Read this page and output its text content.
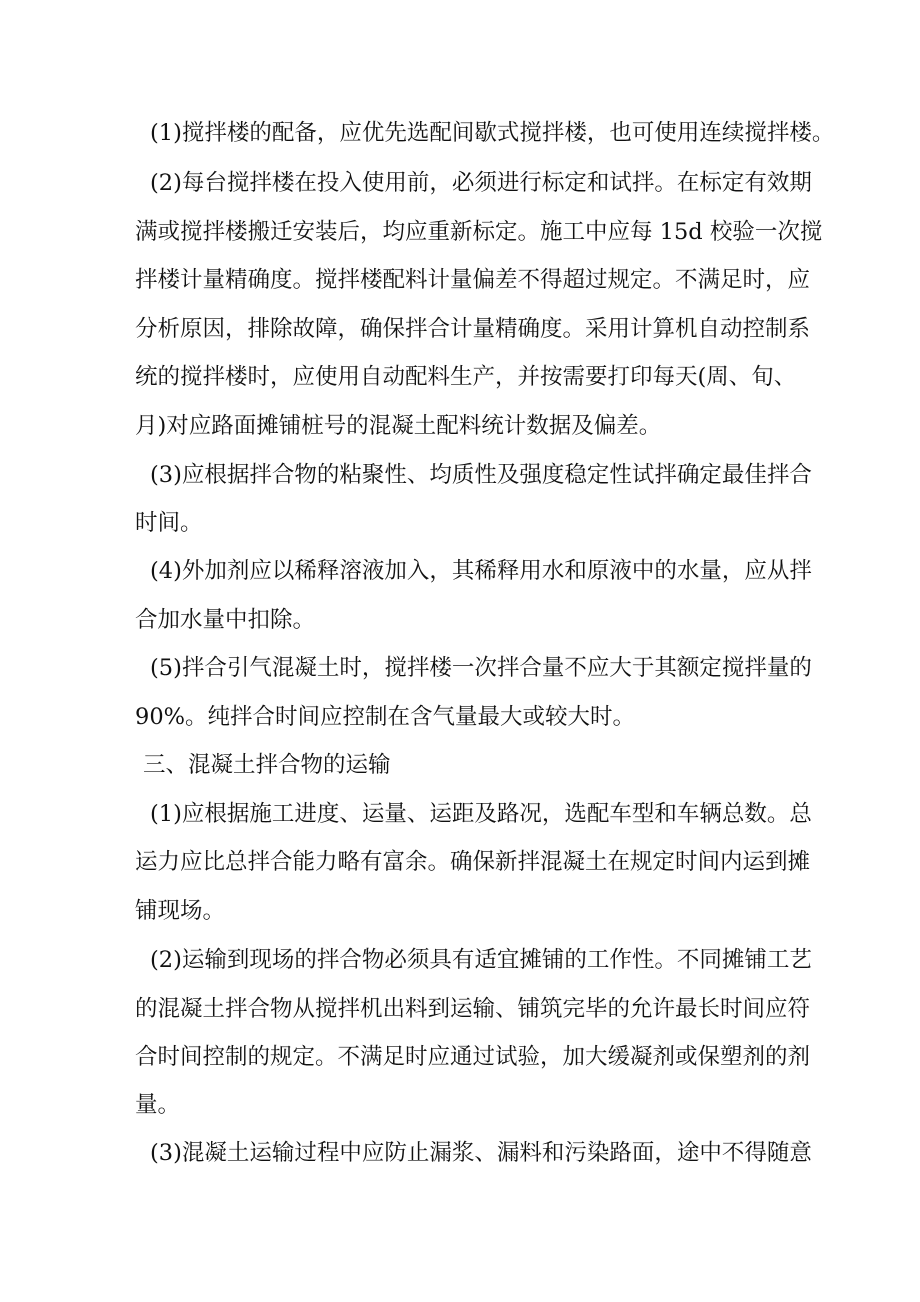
(1)搅拌楼的配备，应优先选配间歇式搅拌楼，也可使用连续搅拌楼。
(2)每台搅拌楼在投入使用前，必须进行标定和试拌。在标定有效期
满或搅拌楼搬迁安装后，均应重新标定。施工中应每 15d 校验一次搅
拌楼计量精确度。搅拌楼配料计量偏差不得超过规定。不满足时，应
分析原因，排除故障，确保拌合计量精确度。采用计算机自动控制系
统的搅拌楼时，应使用自动配料生产，并按需要打印每天(周、旬、
月)对应路面摊铺桩号的混凝土配料统计数据及偏差。
(3)应根据拌合物的粘聚性、均质性及强度稳定性试拌确定最佳拌合
时间。
(4)外加剂应以稀释溶液加入，其稀释用水和原液中的水量，应从拌
合加水量中扣除。
(5)拌合引气混凝土时，搅拌楼一次拌合量不应大于其额定搅拌量的
90%。纯拌合时间应控制在含气量最大或较大时。
三、混凝土拌合物的运输
(1)应根据施工进度、运量、运距及路况，选配车型和车辆总数。总
运力应比总拌合能力略有富余。确保新拌混凝土在规定时间内运到摊
铺现场。
(2)运输到现场的拌合物必须具有适宜摊铺的工作性。不同摊铺工艺
的混凝土拌合物从搅拌机出料到运输、铺筑完毕的允许最长时间应符
合时间控制的规定。不满足时应通过试验，加大缓凝剂或保塑剂的剂
量。
(3)混凝土运输过程中应防止漏浆、漏料和污染路面，途中不得随意
